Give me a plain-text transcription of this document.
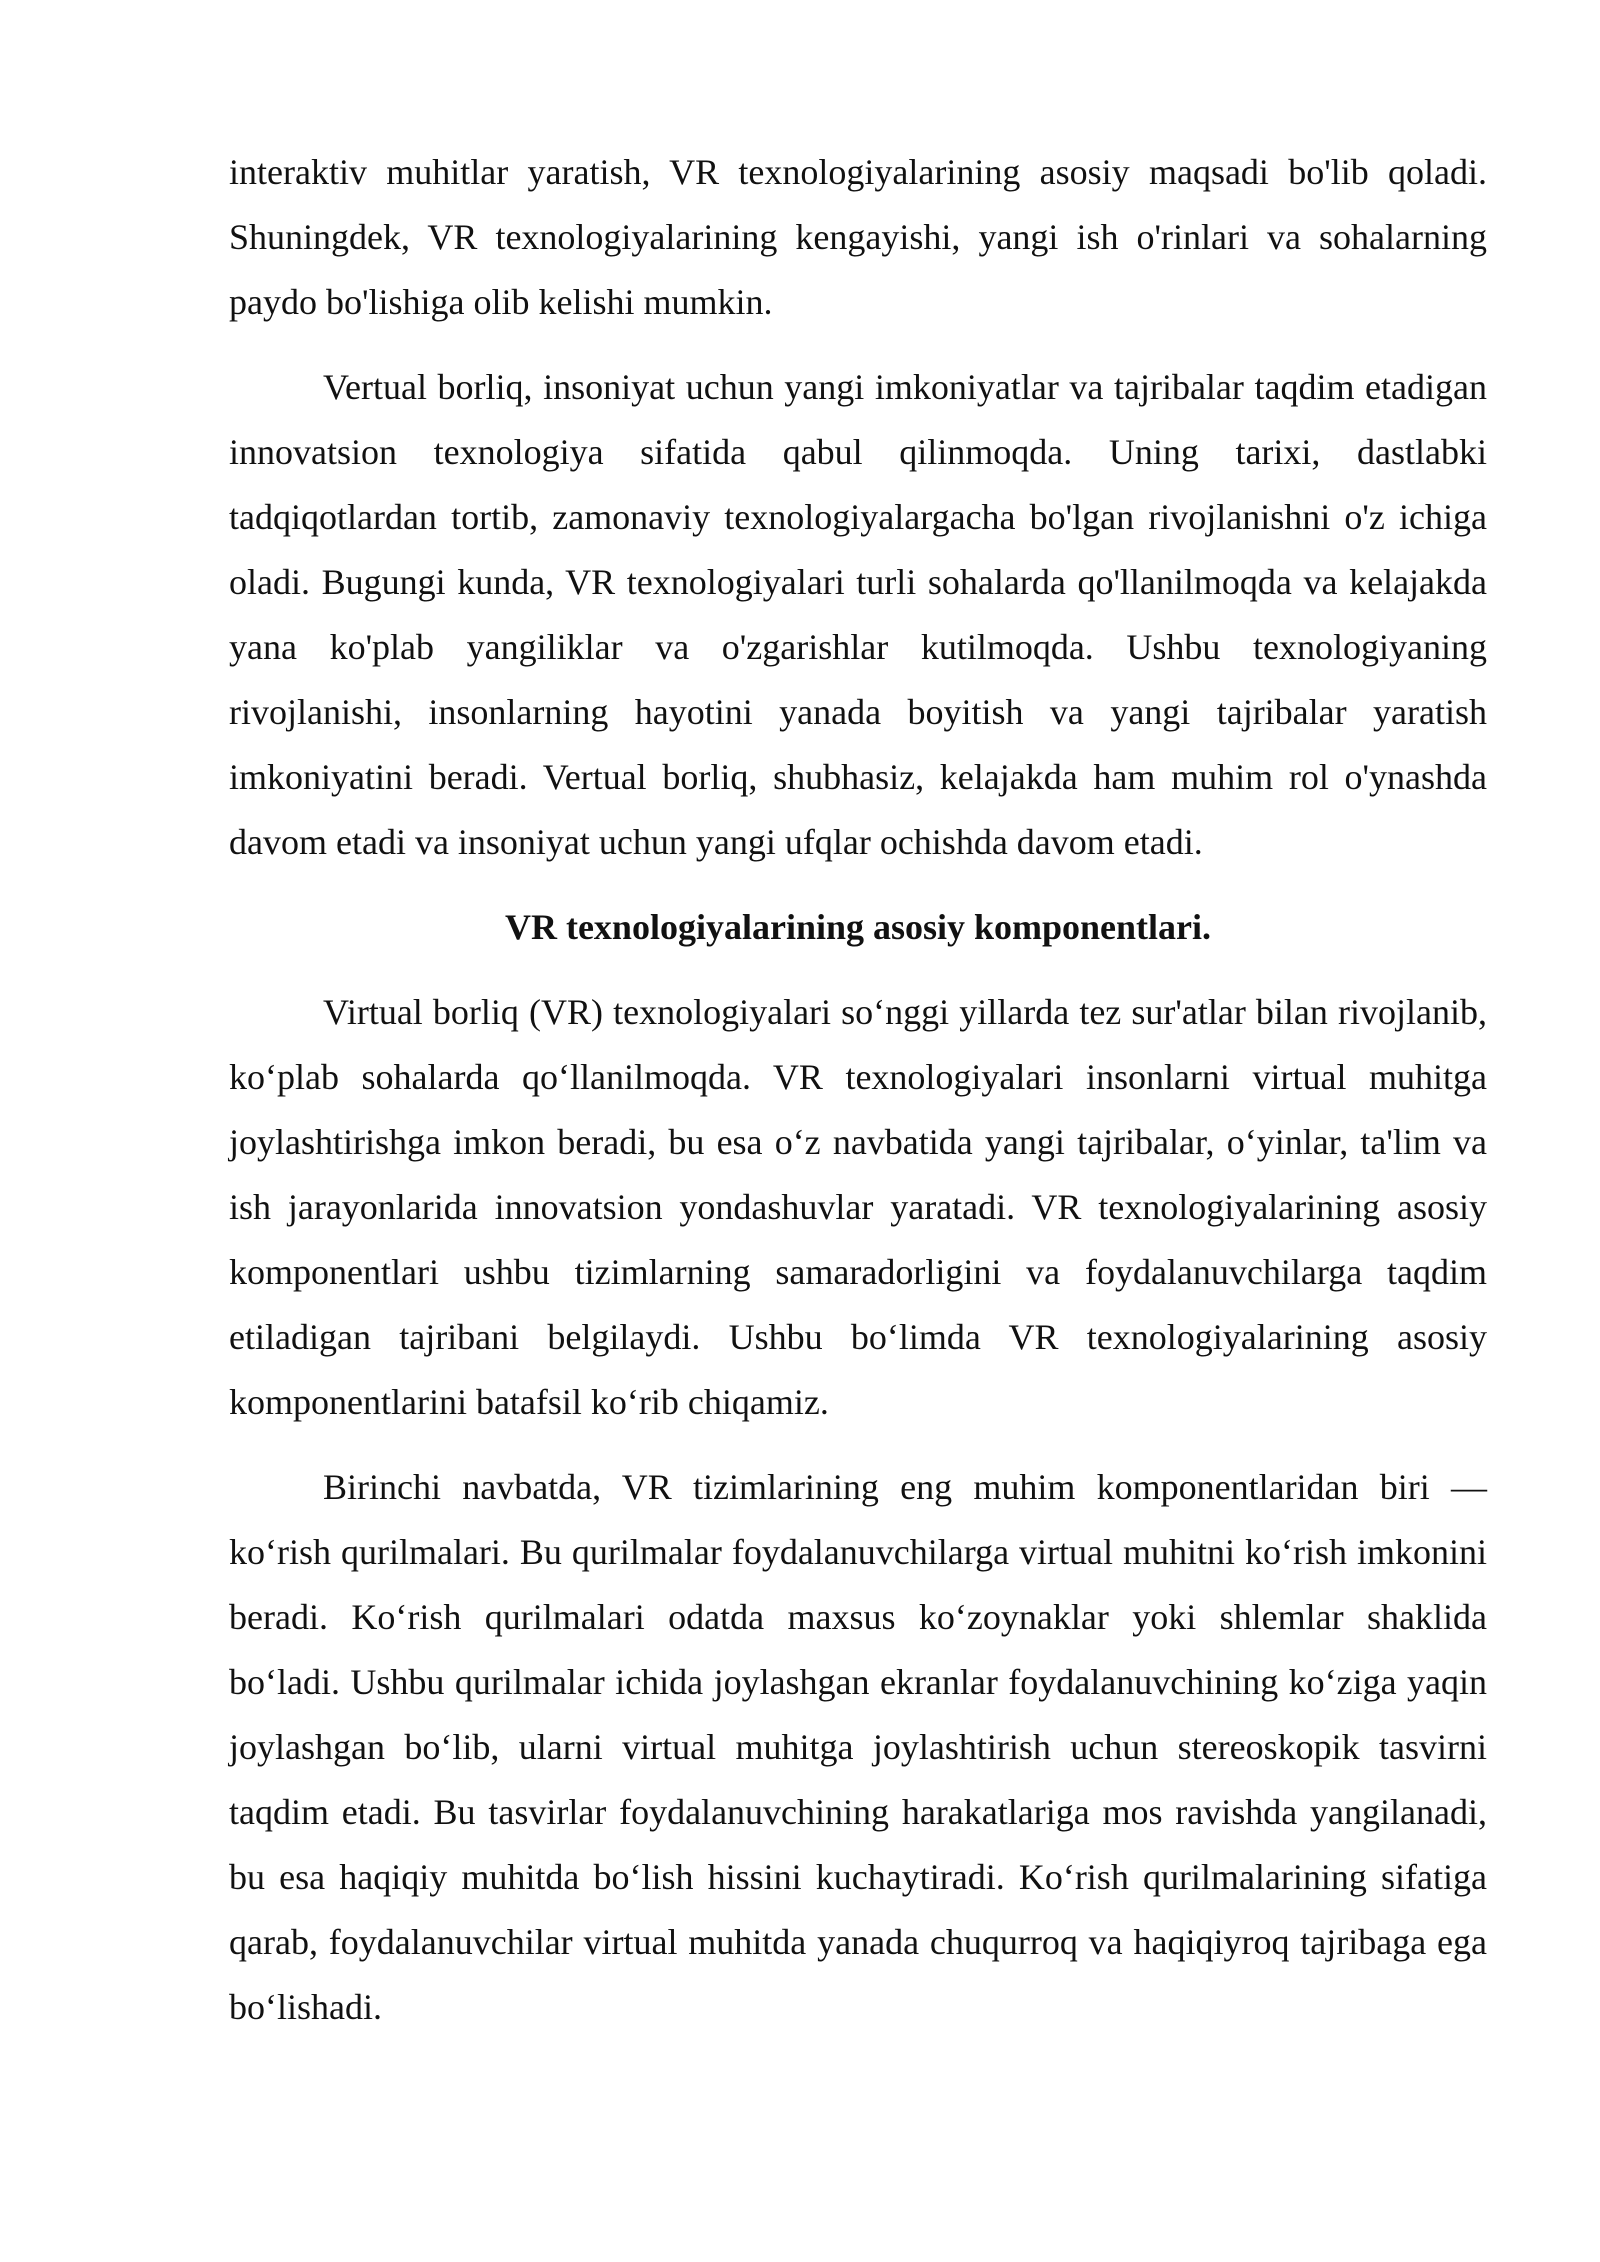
interaktiv muhitlar yaratish, VR texnologiyalarining asosiy maqsadi bo'lib qoladi. Shuningdek, VR texnologiyalarining kengayishi, yangi ish o'rinlari va sohalarning paydo bo'lishiga olib kelishi mumkin.

Vertual borliq, insoniyat uchun yangi imkoniyatlar va tajribalar taqdim etadigan innovatsion texnologiya sifatida qabul qilinmoqda. Uning tarixi, dastlabki tadqiqotlardan tortib, zamonaviy texnologiyalargacha bo'lgan rivojlanishni o'z ichiga oladi. Bugungi kunda, VR texnologiyalari turli sohalarda qo'llanilmoqda va kelajakda yana ko'plab yangiliklar va o'zgarishlar kutilmoqda. Ushbu texnologiyaning rivojlanishi, insonlarning hayotini yanada boyitish va yangi tajribalar yaratish imkoniyatini beradi. Vertual borliq, shubhasiz, kelajakda ham muhim rol o'ynashda davom etadi va insoniyat uchun yangi ufqlar ochishda davom etadi.

VR texnologiyalarining asosiy komponentlari.

Virtual borliq (VR) texnologiyalari so‘nggi yillarda tez sur'atlar bilan rivojlanib, ko‘plab sohalarda qo‘llanilmoqda. VR texnologiyalari insonlarni virtual muhitga joylashtirishga imkon beradi, bu esa o‘z navbatida yangi tajribalar, o‘yinlar, ta'lim va ish jarayonlarida innovatsion yondashuvlar yaratadi. VR texnologiyalarining asosiy komponentlari ushbu tizimlarning samaradorligini va foydalanuvchilarga taqdim etiladigan tajribani belgilaydi. Ushbu bo‘limda VR texnologiyalarining asosiy komponentlarini batafsil ko‘rib chiqamiz.

Birinchi navbatda, VR tizimlarining eng muhim komponentlaridan biri — ko‘rish qurilmalari. Bu qurilmalar foydalanuvchilarga virtual muhitni ko‘rish imkonini beradi. Ko‘rish qurilmalari odatda maxsus ko‘zoynaklar yoki shlemlar shaklida bo‘ladi. Ushbu qurilmalar ichida joylashgan ekranlar foydalanuvchining ko‘ziga yaqin joylashgan bo‘lib, ularni virtual muhitga joylashtirish uchun stereoskopik tasvirni taqdim etadi. Bu tasvirlar foydalanuvchining harakatlariga mos ravishda yangilanadi, bu esa haqiqiy muhitda bo‘lish hissini kuchaytiradi. Ko‘rish qurilmalarining sifatiga qarab, foydalanuvchilar virtual muhitda yanada chuqurroq va haqiqiyroq tajribaga ega bo‘lishadi.
